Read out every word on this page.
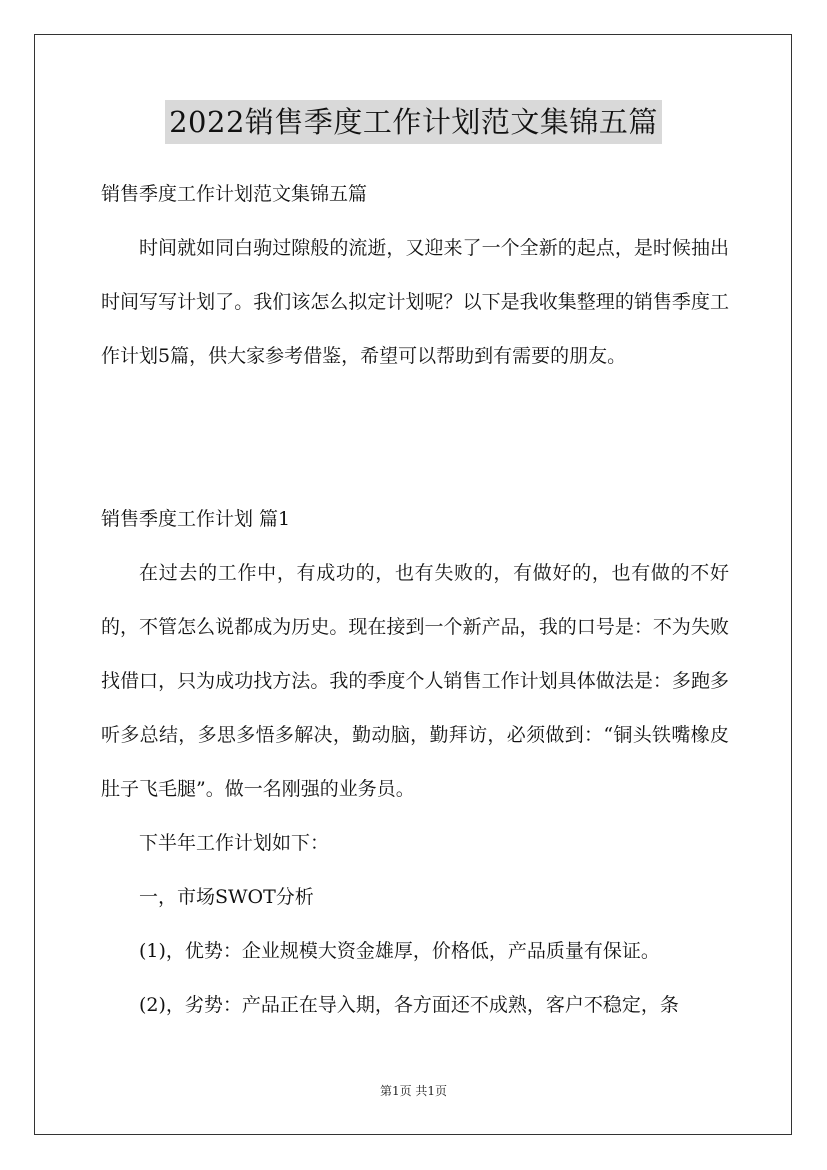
2022销售季度工作计划范文集锦五篇

销售季度工作计划范文集锦五篇

时间就如同白驹过隙般的流逝，又迎来了一个全新的起点，是时候抽出时间写写计划了。我们该怎么拟定计划呢？以下是我收集整理的销售季度工作计划5篇，供大家参考借鉴，希望可以帮助到有需要的朋友。

销售季度工作计划 篇1

在过去的工作中，有成功的，也有失败的，有做好的，也有做的不好的，不管怎么说都成为历史。现在接到一个新产品，我的口号是：不为失败找借口，只为成功找方法。我的季度个人销售工作计划具体做法是：多跑多听多总结，多思多悟多解决，勤动脑，勤拜访，必须做到：“铜头铁嘴橡皮肚子飞毛腿”。做一名刚强的业务员。

下半年工作计划如下：

一，市场SWOT分析

(1)，优势：企业规模大资金雄厚，价格低，产品质量有保证。

(2)，劣势：产品正在导入期，各方面还不成熟，客户不稳定，条

第1页 共1页
